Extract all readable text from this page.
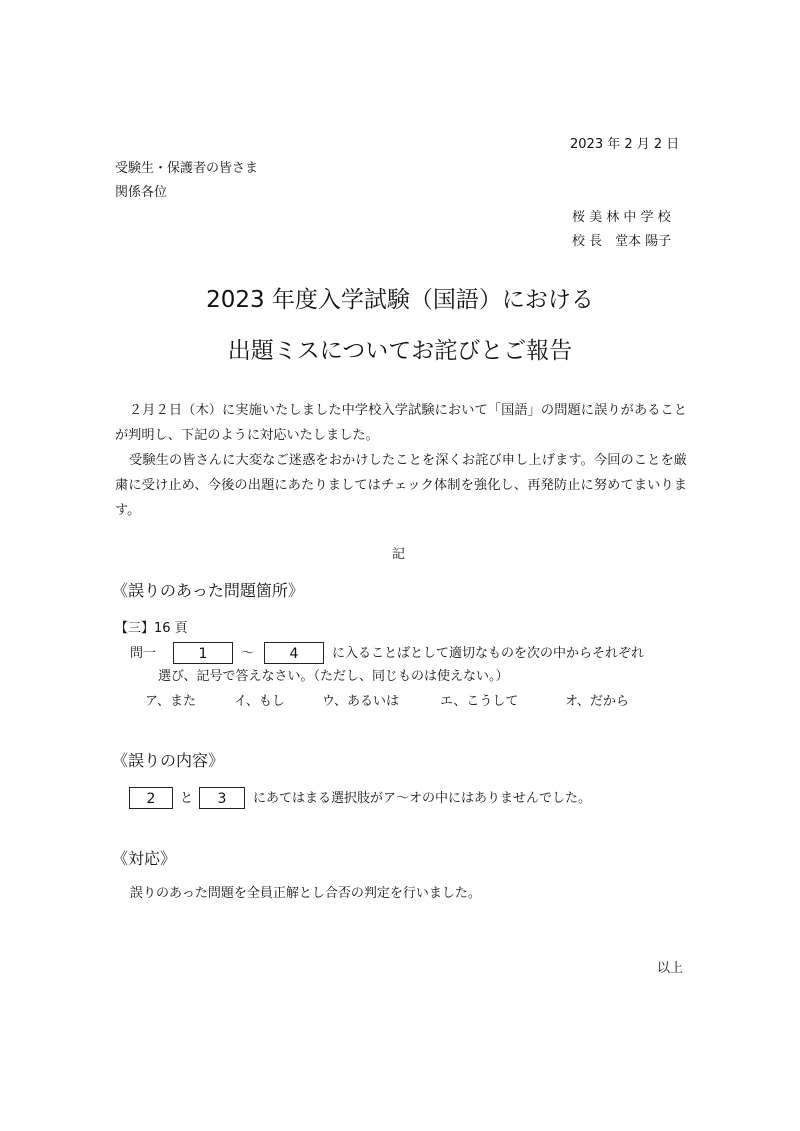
2023 年 2 月 2 日
受験生・保護者の皆さま
関係各位
桜 美 林 中 学 校
校 長　堂本 陽子
2023 年度入学試験（国語）における
出題ミスについてお詫びとご報告
２月２日（木）に実施いたしました中学校入学試験において「国語」の問題に誤りがあることが判明し、下記のように対応いたしました。
受験生の皆さんに大変なご迷惑をおかけしたことを深くお詫び申し上げます。今回のことを厳粛に受け止め、今後の出題にあたりましてはチェック体制を強化し、再発防止に努めてまいります。
記
《誤りのあった問題箇所》
【三】16 頁
問一	1	～	4	に入ることばとして適切なものを次の中からそれぞれ
選び、記号で答えなさい。（ただし、同じものは使えない。）
ア、また	イ、もし	ウ、あるいは	エ、こうして	オ、だから
《誤りの内容》
2	と	3	にあてはまる選択肢がア～オの中にはありませんでした。
《対応》
誤りのあった問題を全員正解とし合否の判定を行いました。
以上
